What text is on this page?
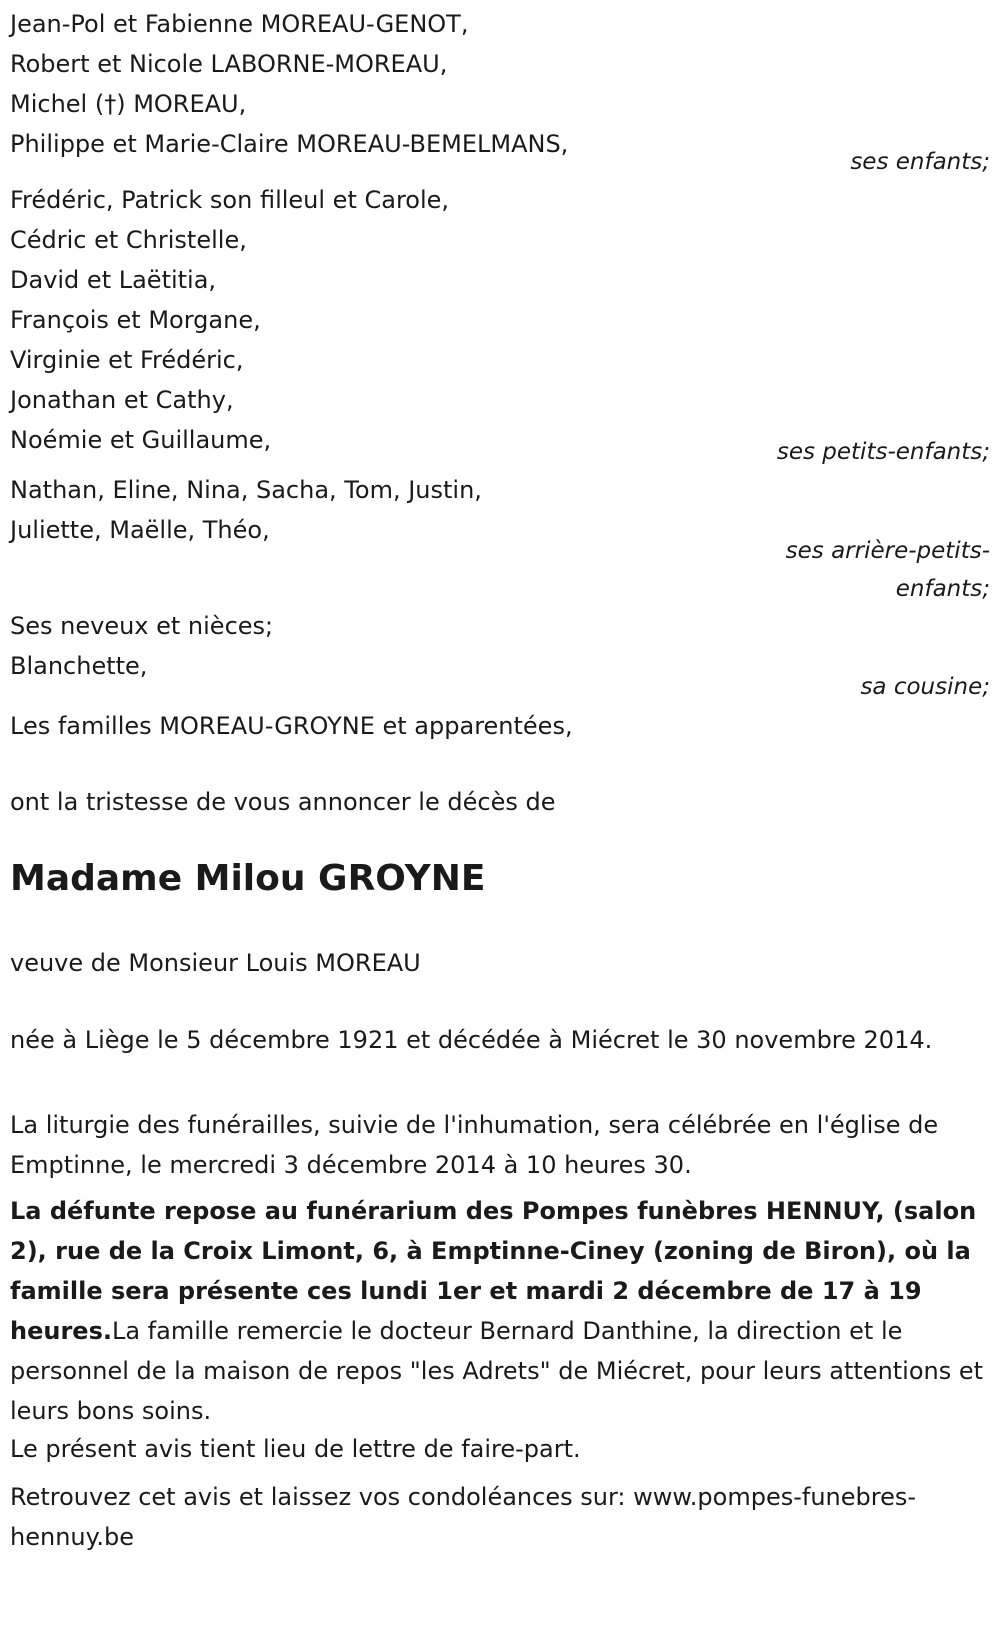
Jean-Pol et Fabienne MOREAU-GENOT,
Robert et Nicole LABORNE-MOREAU,
Michel (†) MOREAU,
Philippe et Marie-Claire MOREAU-BEMELMANS,
ses enfants;
Frédéric, Patrick son filleul et Carole,
Cédric et Christelle,
David et Laëtitia,
François et Morgane,
Virginie et Frédéric,
Jonathan et Cathy,
Noémie et Guillaume,	ses petits-enfants;
Nathan, Eline, Nina, Sacha, Tom, Justin,
Juliette, Maëlle, Théo,
ses arrière-petits-
enfants;
Ses neveux et nièces;
Blanchette,
sa cousine;
Les familles MOREAU-GROYNE et apparentées,
ont la tristesse de vous annoncer le décès de
Madame Milou GROYNE
veuve de Monsieur Louis MOREAU
née à Liège le 5 décembre 1921 et décédée à Miécret le 30 novembre 2014.
La liturgie des funérailles, suivie de l'inhumation, sera célébrée en l'église de Emptinne, le mercredi 3 décembre 2014 à 10 heures 30.
La défunte repose au funérarium des Pompes funèbres HENNUY, (salon 2), rue de la Croix Limont, 6, à Emptinne-Ciney (zoning de Biron), où la famille sera présente ces lundi 1er et mardi 2 décembre de 17 à 19 heures.La famille remercie le docteur Bernard Danthine, la direction et le personnel de la maison de repos "les Adrets" de Miécret, pour leurs attentions et leurs bons soins.
Le présent avis tient lieu de lettre de faire-part.
Retrouvez cet avis et laissez vos condoléances sur: www.pompes-funebres-hennuy.be
